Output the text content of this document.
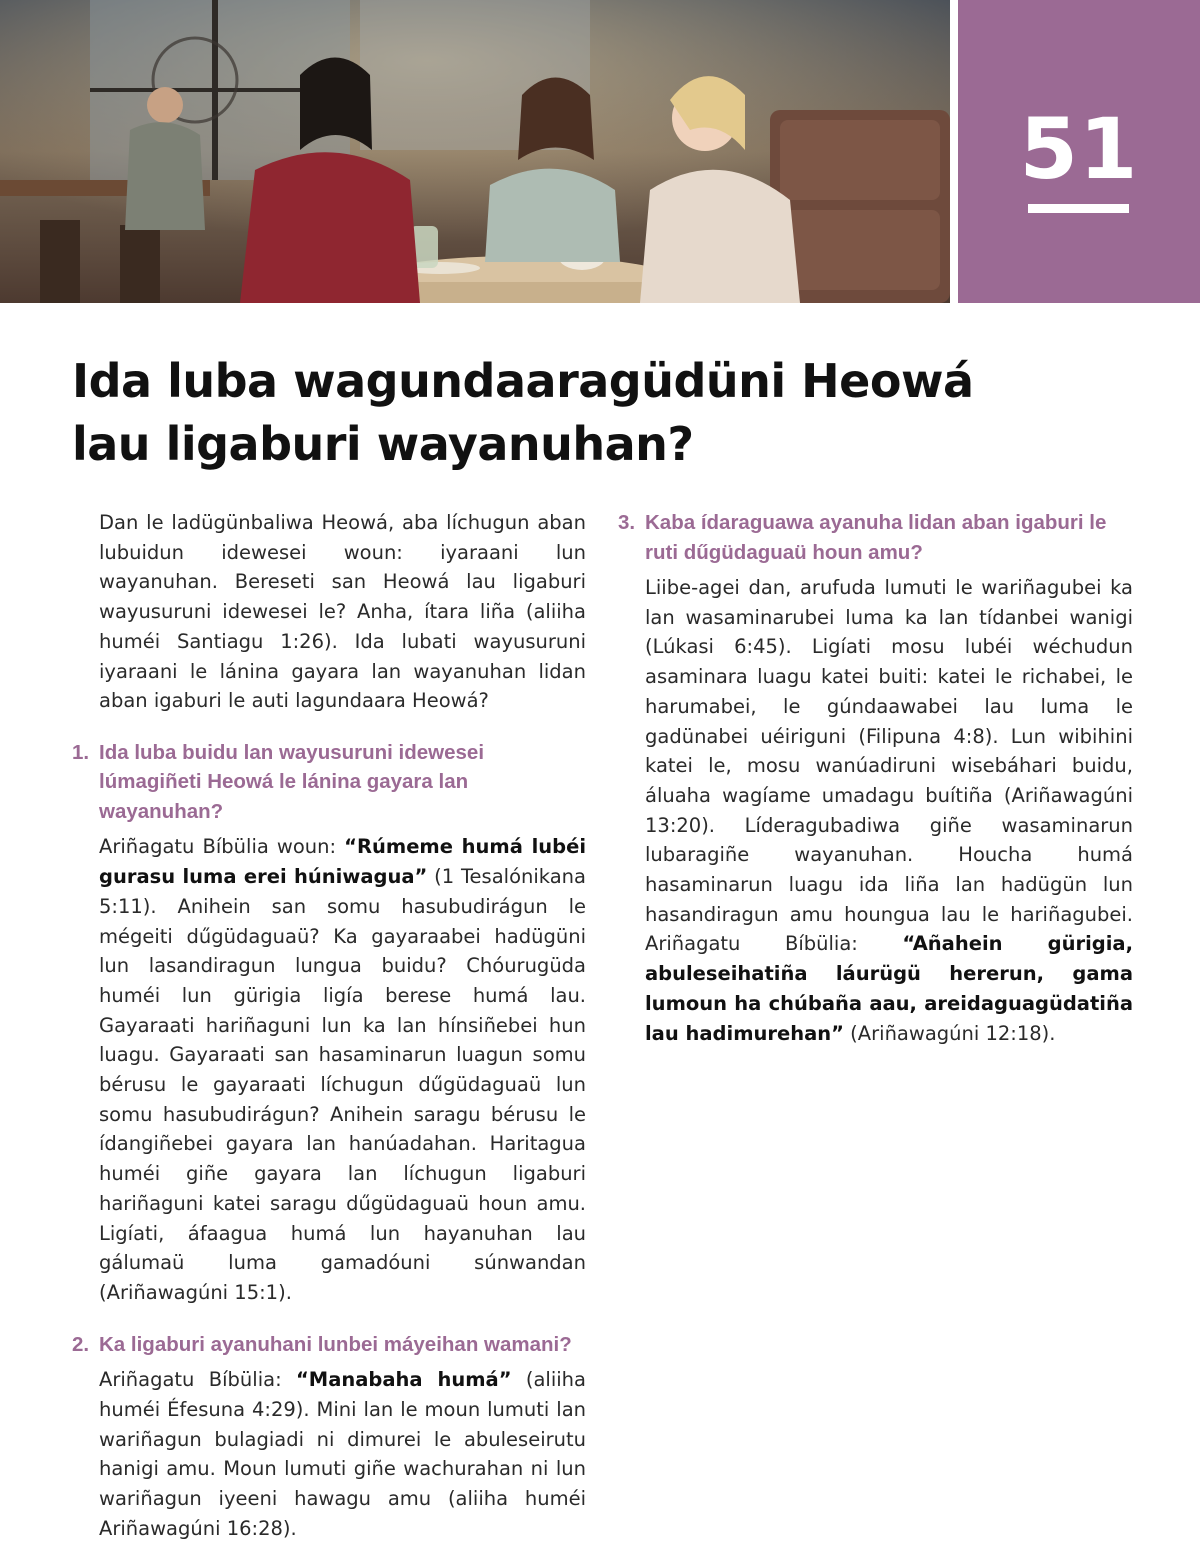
51
Ida luba wagundaaragüdüni Heowá
lau ligaburi wayanuhan?

Dan le ladügünbaliwa Heowá, aba líchugun aban lubuidun idewesei woun: iyaraani lun wayanuhan. Bereseti san Heowá lau ligaburi wayusuruni idewesei le? Anha, ítara liña (aliiha huméi Santiagu 1:26). Ida lubati wayusuruni iyaraani le lánina gayara lan wayanuhan lidan aban igaburi le auti lagundaara Heowá?

1. Ida luba buidu lan wayusuruni idewesei lúmagiñeti Heowá le lánina gayara lan wayanuhan?

Ariñagatu Bíbülia woun: “Rúmeme humá lubéi gurasu luma erei húniwagua” (1 Tesalónikana 5:11). Anihein san somu hasubudirágun le mégeiti dűgüdaguaü? Ka gayaraabei hadügüni lun lasandiragun lungua buidu? Chóurugüda huméi lun gürigia ligía berese humá lau. Gayaraati hariñaguni lun ka lan hínsiñebei hun luagu. Gayaraati san hasaminarun luagun somu bérusu le gayaraati líchugun dűgüdaguaü lun somu hasubudirágun? Anihein saragu bérusu le ídangiñebei gayara lan hanúadahan. Haritagua huméi giñe gayara lan líchugun ligaburi hariñaguni katei saragu dűgüdaguaü houn amu. Ligíati, áfaagua humá lun hayanuhan lau gálumaü luma gamadóuni súnwandan (Ariñawagúni 15:1).

2. Ka ligaburi ayanuhani lunbei máyeihan wamani?

Ariñagatu Bíbülia: “Manabaha humá” (aliiha huméi Éfesuna 4:29). Mini lan le moun lumuti lan wariñagun bulagiadi ni dimurei le abuleseirutu hanigi amu. Moun lumuti giñe wachurahan ni lun wariñagun iyeeni hawagu amu (aliiha huméi Ariñawagúni 16:28).

3. Kaba ídaraguawa ayanuha lidan aban igaburi le ruti dűgüdaguaü houn amu?

Liibe-agei dan, arufuda lumuti le wariñagubei ka lan wasaminarubei luma ka lan tídanbei wanigi (Lúkasi 6:45). Ligíati mosu lubéi wéchudun asaminara luagu katei buiti: katei le richabei, le harumabei, le gúndaawabei lau luma le gadünabei uéiriguni (Filipuna 4:8). Lun wibihini katei le, mosu wanúadiruni wisebáhari buidu, áluaha wagíame umadagu buítiña (Ariñawagúni 13:20). Líderagubadiwa giñe wasaminarun lubaragiñe wayanuhan. Houcha humá hasaminarun luagu ida liña lan hadügün lun hasandiragun amu houngua lau le hariñagubei. Ariñagatu Bíbülia: “Añahein gürigia, abuleseihatiña láurügü hererun, gama lumoun ha chúbaña aau, areidaguagüdatiña lau hadimurehan” (Ariñawagúni 12:18).
